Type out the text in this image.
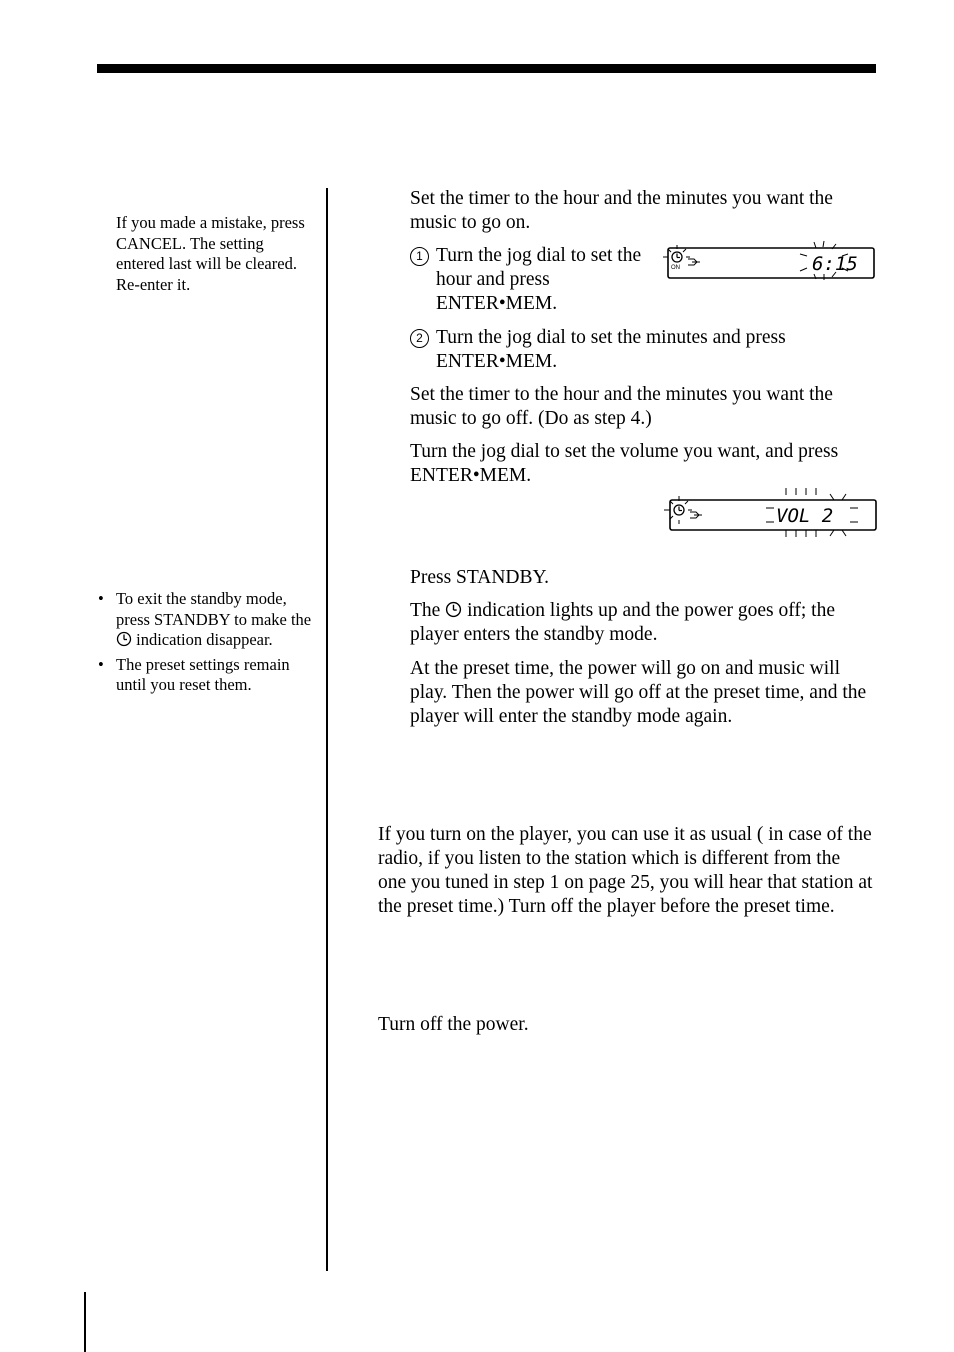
If you made a mistake, press CANCEL. The setting entered last will be cleared. Re-enter it.

• To exit the standby mode, press STANDBY to make the  indication disappear.
• The preset settings remain until you reset them.

Set the timer to the hour and the minutes you want the music to go on.

1 Turn the jog dial to set the hour and press ENTER•MEM.
ON	6:15
2 Turn the jog dial to set the minutes and press ENTER•MEM.

Set the timer to the hour and the minutes you want the music to go off. (Do as step 4.)

Turn the jog dial to set the volume you want, and press ENTER•MEM.

VOL 2

Press STANDBY.

The indication lights up and the power goes off; the player enters the standby mode.

At the preset time, the power will go on and music will play. Then the power will go off at the preset time, and the player will enter the standby mode again.

If you turn on the player, you can use it as usual ( in case of the radio, if you listen to the station which is different from the one you tuned in step 1 on page 25, you will hear that station at the preset time.) Turn off the player before the preset time.

Turn off the power.
